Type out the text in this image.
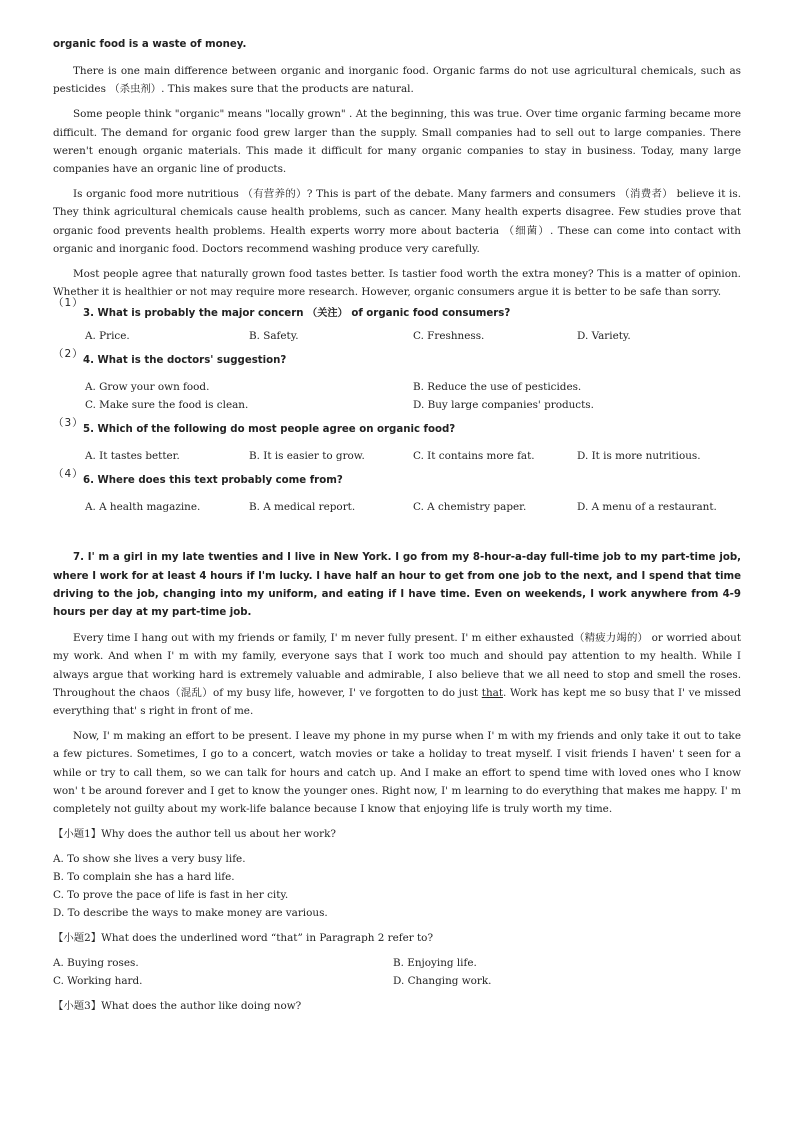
organic food is a waste of money.

There is one main difference between organic and inorganic food. Organic farms do not use agricultural chemicals, such as pesticides （杀虫剂）. This makes sure that the products are natural.

Some people think "organic" means "locally grown" . At the beginning, this was true. Over time organic farming became more difficult. The demand for organic food grew larger than the supply. Small companies had to sell out to large companies. There weren't enough organic materials. This made it difficult for many organic companies to stay in business. Today, many large companies have an organic line of products.

Is organic food more nutritious （有营养的）? This is part of the debate. Many farmers and consumers （消费者） believe it is. They think agricultural chemicals cause health problems, such as cancer. Many health experts disagree. Few studies prove that organic food prevents health problems. Health experts worry more about bacteria （细菌）. These can come into contact with organic and inorganic food. Doctors recommend washing produce very carefully.

Most people agree that naturally grown food tastes better. Is tastier food worth the extra money? This is a matter of opinion. Whether it is healthier or not may require more research. However, organic consumers argue it is better to be safe than sorry.

（1）
3. What is probably the major concern （关注） of organic food consumers?
A. Price.	B. Safety.	C. Freshness.	D. Variety.
（2）
4. What is the doctors' suggestion?
A. Grow your own food.	B. Reduce the use of pesticides.
C. Make sure the food is clean.	D. Buy large companies' products.
（3）
5. Which of the following do most people agree on organic food?
A. It tastes better.	B. It is easier to grow.	C. It contains more fat.	D. It is more nutritious.
（4）
6. Where does this text probably come from?
A. A health magazine.	B. A medical report.	C. A chemistry paper.	D. A menu of a restaurant.

7. I' m a girl in my late twenties and I live in New York. I go from my 8-hour-a-day full-time job to my part-time job, where I work for at least 4 hours if I'm lucky. I have half an hour to get from one job to the next, and I spend that time driving to the job, changing into my uniform, and eating if I have time. Even on weekends, I work anywhere from 4-9 hours per day at my part-time job.

Every time I hang out with my friends or family, I' m never fully present. I' m either exhausted（精疲力竭的） or worried about my work. And when I' m with my family, everyone says that I work too much and should pay attention to my health. While I always argue that working hard is extremely valuable and admirable, I also believe that we all need to stop and smell the roses. Throughout the chaos（混乱）of my busy life, however, I' ve forgotten to do just that. Work has kept me so busy that I' ve missed everything that' s right in front of me.

Now, I' m making an effort to be present. I leave my phone in my purse when I' m with my friends and only take it out to take a few pictures. Sometimes, I go to a concert, watch movies or take a holiday to treat myself. I visit friends I haven' t seen for a while or try to call them, so we can talk for hours and catch up. And I make an effort to spend time with loved ones who I know won' t be around forever and I get to know the younger ones. Right now, I' m learning to do everything that makes me happy. I' m completely not guilty about my work-life balance because I know that enjoying life is truly worth my time.

【小题1】Why does the author tell us about her work?

A. To show she lives a very busy life.
B. To complain she has a hard life.
C. To prove the pace of life is fast in her city.
D. To describe the ways to make money are various.

【小题2】What does the underlined word “that” in Paragraph 2 refer to?

A. Buying roses.	B. Enjoying life.
C. Working hard.	D. Changing work.

【小题3】What does the author like doing now?
